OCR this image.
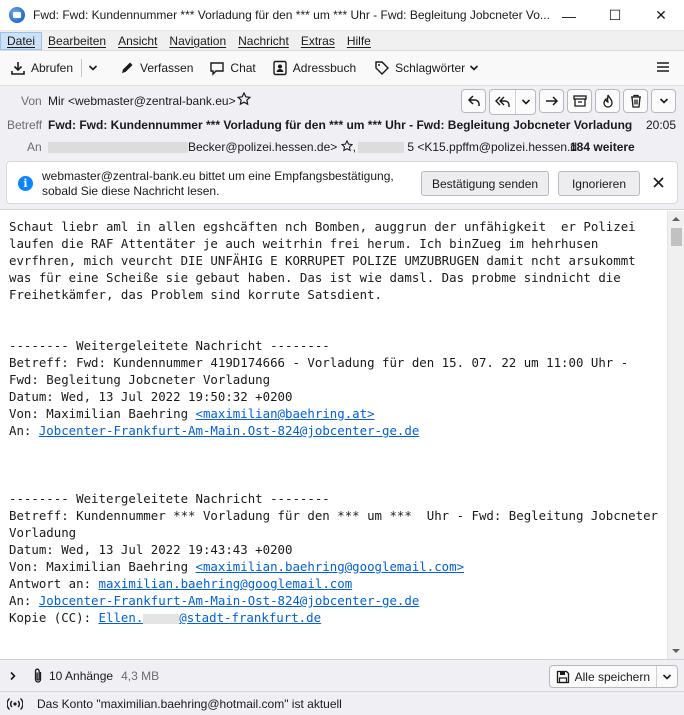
Fwd: Fwd: Kundennummer *** Vorladung für den *** um *** Uhr - Fwd: Begleitung Jobcneter Vo... —	☐	✕
Datei	Bearbeiten	Ansicht	Navigation	Nachricht	Extras	Hilfe
Abrufen	Verfassen	Chat	Adressbuch	Schlagwörter
Von Mir <webmaster@zentral-bank.eu>
Betreff Fwd: Fwd: Kundennummer *** Vorladung für den *** um *** Uhr - Fwd: Begleitung Jobcneter Vorladung 20:05
An	Becker@polizei.hessen.de> ,	5 <K15.ppffm@polizei.hessen.d
184 weitere
i
webmaster@zentral-bank.eu bittet um eine Empfangsbestätigung, sobald Sie diese Nachricht lesen.
Bestätigung senden	Ignorieren
Schaut liebr aml in allen egshcäften nch Bomben, auggrun der unfähigkeit  er Polizei laufen die RAF Attentäter je auch weitrhin frei herum. Ich binZueg im hehrhusen evrfhren, mich veurcht DIE UNFÄHIG E KORRUPET POLIZE UMZUBRUGEN damit ncht arsukommt was für eine Scheiße sie gebaut haben. Das ist wie damsl. Das probme sindnicht die Freihetkämfer, das Problem sind korrute Satsdient.

-------- Weitergeleitete Nachricht --------
Betreff: Fwd: Kundennummer 419D174666 - Vorladung für den 15. 07. 22 um 11:00 Uhr - Fwd: Begleitung Jobcneter Vorladung
Datum: Wed, 13 Jul 2022 19:50:32 +0200
Von: Maximilian Baehring <maximilian@baehring.at>
An: Jobcenter-Frankfurt-Am-Main.Ost-824@jobcenter-ge.de

-------- Weitergeleitete Nachricht --------
Betreff: Kundennummer *** Vorladung für den *** um ***  Uhr - Fwd: Begleitung Jobcneter Vorladung
Datum: Wed, 13 Jul 2022 19:43:43 +0200
Von: Maximilian Baehring <maximilian.baehring@googlemail.com>
Antwort an: maximilian.baehring@googlemail.com
An: Jobcenter-Frankfurt-Am-Main-Ost-824@jobcenter-ge.de
Kopie (CC): Ellen.	@stadt-frankfurt.de
10 Anhänge 4,3 MB	Alle speichern
Das Konto "maximilian.baehring@hotmail.com" ist aktuell
